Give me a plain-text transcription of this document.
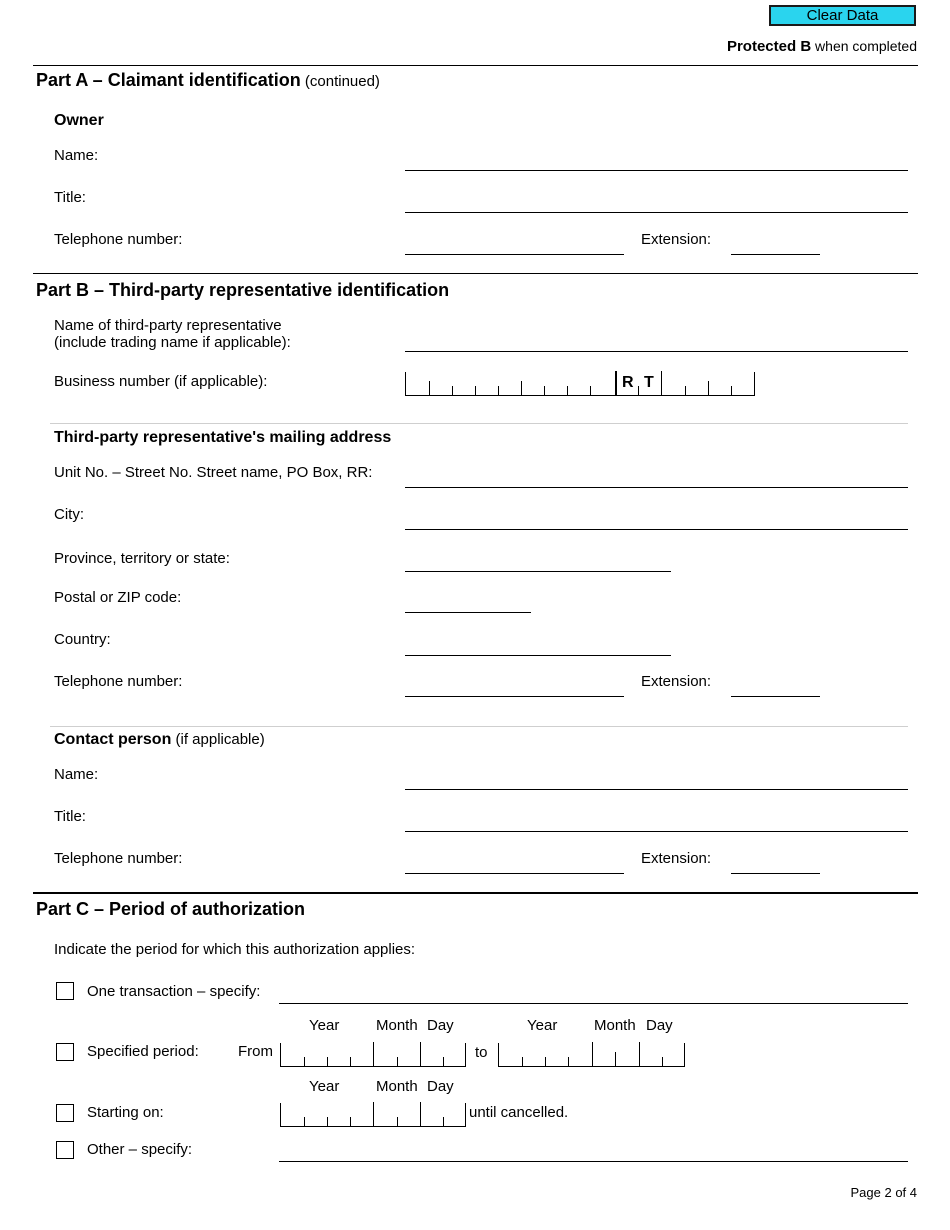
Clear Data
Protected B when completed
Part A – Claimant identification (continued)
Owner
Name:
Title:
Telephone number:	Extension:
Part B – Third-party representative identification
Name of third-party representative
(include trading name if applicable):
Business number (if applicable):	R T
Third-party representative's mailing address
Unit No. – Street No. Street name, PO Box, RR:
City:
Province, territory or state:
Postal or ZIP code:
Country:
Telephone number:	Extension:
Contact person (if applicable)
Name:
Title:
Telephone number:	Extension:
Part C – Period of authorization
Indicate the period for which this authorization applies:
One transaction – specify:
Year Month Day	Year Month Day
Specified period:	From	to
Year Month Day
Starting on:	until cancelled.
Other – specify:
Page 2 of 4
